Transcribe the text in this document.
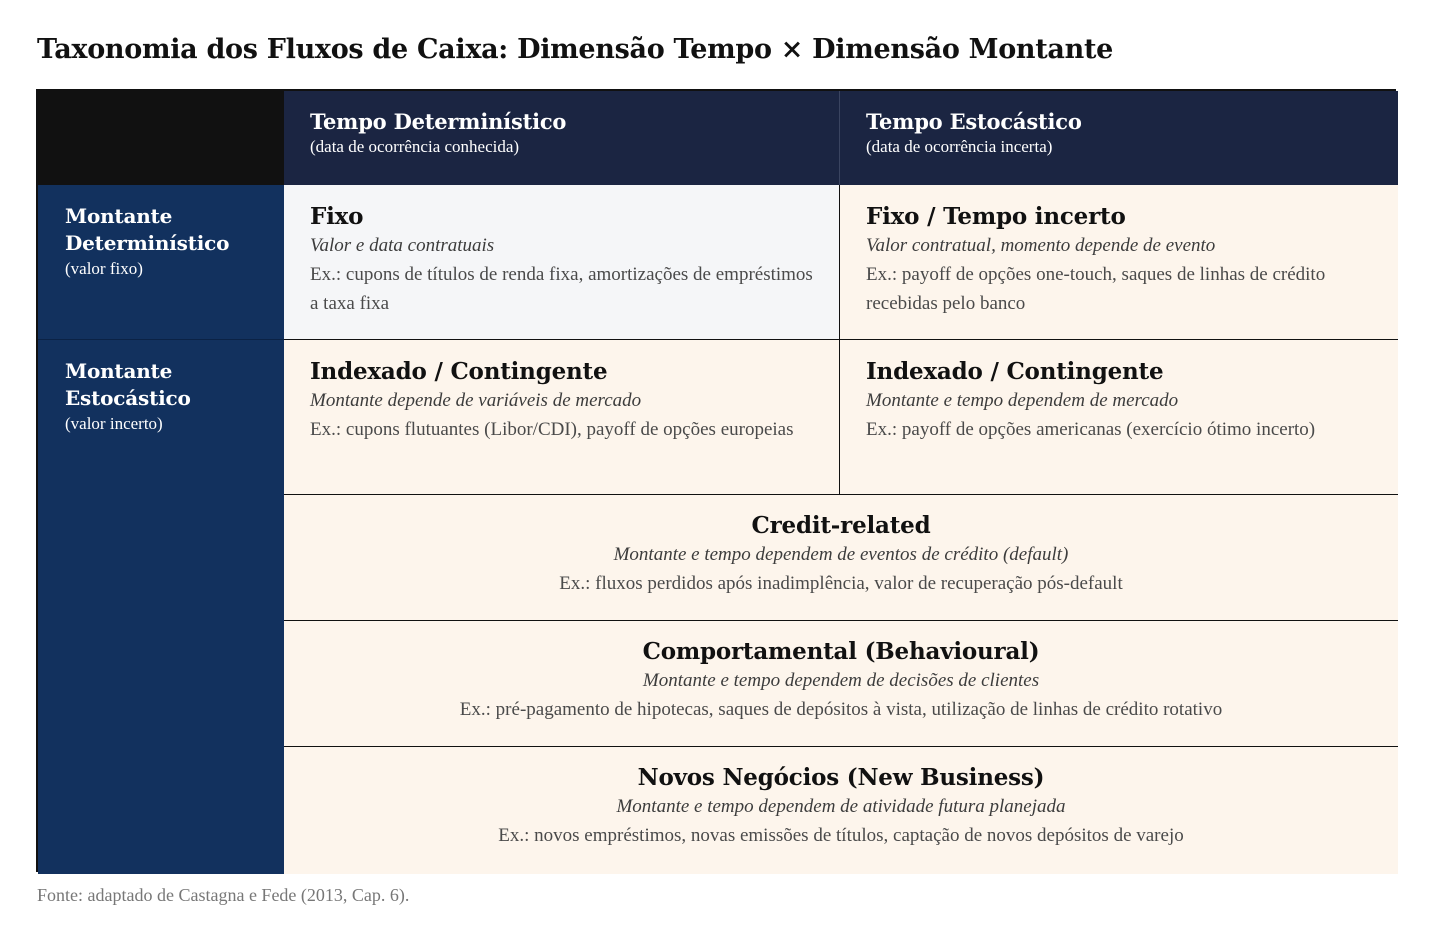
Taxonomia dos Fluxos de Caixa: Dimensão Tempo × Dimensão Montante
Tempo Determinístico
(data de ocorrência conhecida)
Tempo Estocástico
(data de ocorrência incerta)
Montante Determinístico
(valor fixo)
Montante Estocástico
(valor incerto)
Fixo
Valor e data contratuais
Ex.: cupons de títulos de renda fixa, amortizações de empréstimos a taxa fixa
Fixo / Tempo incerto
Valor contratual, momento depende de evento
Ex.: payoff de opções one-touch, saques de linhas de crédito recebidas pelo banco
Indexado / Contingente
Montante depende de variáveis de mercado
Ex.: cupons flutuantes (Libor/CDI), payoff de opções europeias
Indexado / Contingente
Montante e tempo dependem de mercado
Ex.: payoff de opções americanas (exercício ótimo incerto)
Credit-related
Montante e tempo dependem de eventos de crédito (default)
Ex.: fluxos perdidos após inadimplência, valor de recuperação pós-default
Comportamental (Behavioural)
Montante e tempo dependem de decisões de clientes
Ex.: pré-pagamento de hipotecas, saques de depósitos à vista, utilização de linhas de crédito rotativo
Novos Negócios (New Business)
Montante e tempo dependem de atividade futura planejada
Ex.: novos empréstimos, novas emissões de títulos, captação de novos depósitos de varejo

Fonte: adaptado de Castagna e Fede (2013, Cap. 6).
